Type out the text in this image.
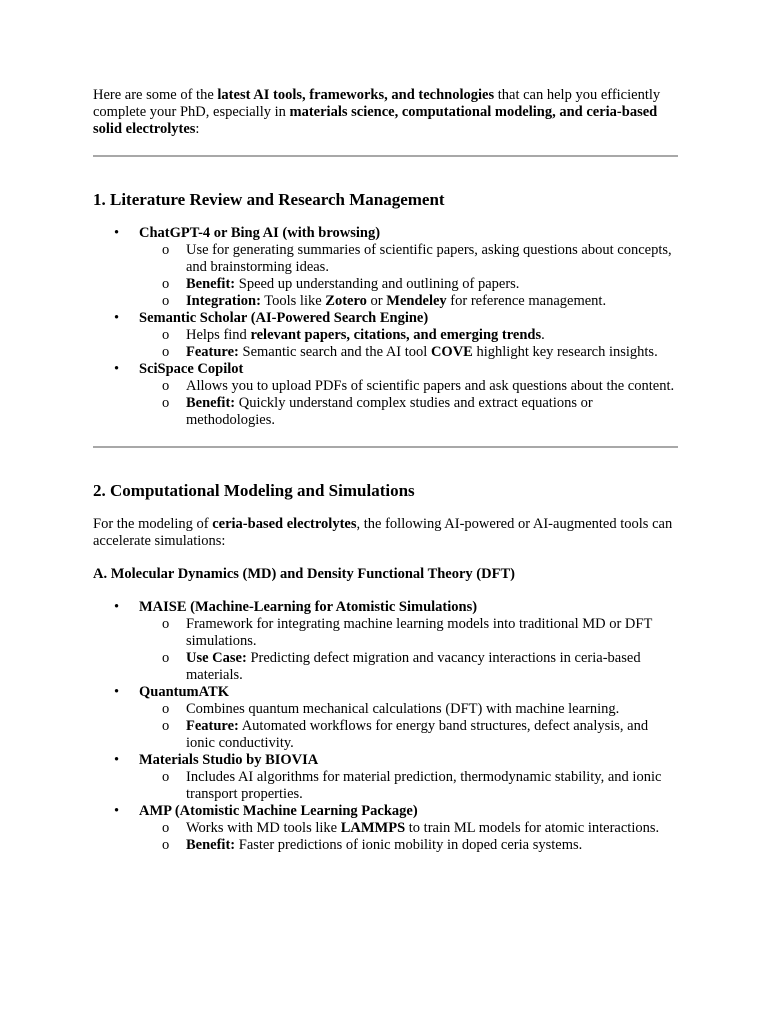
Here are some of the latest AI tools, frameworks, and technologies that can help you efficiently complete your PhD, especially in materials science, computational modeling, and ceria-based solid electrolytes:

1. Literature Review and Research Management
• ChatGPT-4 or Bing AI (with browsing)
o Use for generating summaries of scientific papers, asking questions about concepts, and brainstorming ideas.
o Benefit: Speed up understanding and outlining of papers.
o Integration: Tools like Zotero or Mendeley for reference management.
• Semantic Scholar (AI-Powered Search Engine)
o Helps find relevant papers, citations, and emerging trends.
o Feature: Semantic search and the AI tool COVE highlight key research insights.
• SciSpace Copilot
o Allows you to upload PDFs of scientific papers and ask questions about the content.
o Benefit: Quickly understand complex studies and extract equations or methodologies.
2. Computational Modeling and Simulations

For the modeling of ceria-based electrolytes, the following AI-powered or AI-augmented tools can accelerate simulations:

A. Molecular Dynamics (MD) and Density Functional Theory (DFT)
• MAISE (Machine-Learning for Atomistic Simulations)
o Framework for integrating machine learning models into traditional MD or DFT simulations.
o Use Case: Predicting defect migration and vacancy interactions in ceria-based materials.
• QuantumATK
o Combines quantum mechanical calculations (DFT) with machine learning.
o Feature: Automated workflows for energy band structures, defect analysis, and ionic conductivity.
• Materials Studio by BIOVIA
o Includes AI algorithms for material prediction, thermodynamic stability, and ionic transport properties.
• AMP (Atomistic Machine Learning Package)
o Works with MD tools like LAMMPS to train ML models for atomic interactions.
o Benefit: Faster predictions of ionic mobility in doped ceria systems.
